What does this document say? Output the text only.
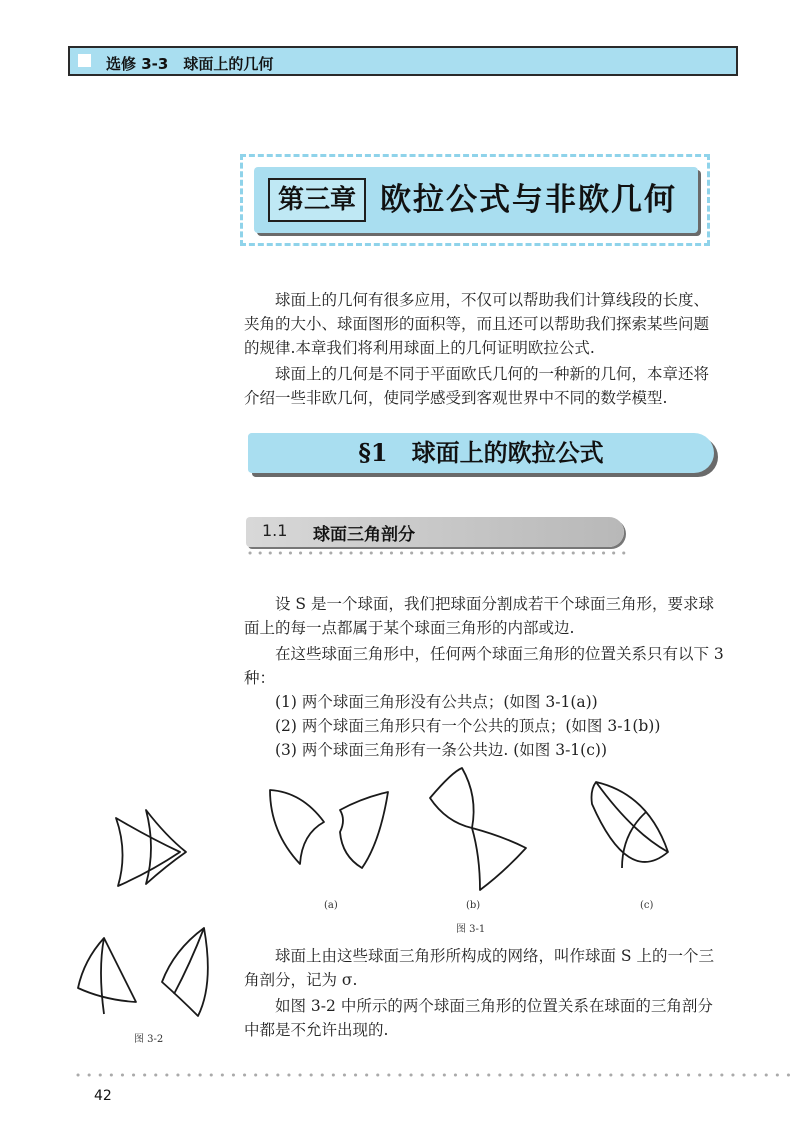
选修 3-3　球面上的几何
第三章 欧拉公式与非欧几何

球面上的几何有很多应用，不仅可以帮助我们计算线段的长度、夹角的大小、球面图形的面积等，而且还可以帮助我们探索某些问题的规律.本章我们将利用球面上的几何证明欧拉公式.

球面上的几何是不同于平面欧氏几何的一种新的几何，本章还将介绍一些非欧几何，使同学感受到客观世界中不同的数学模型.

§1　球面上的欧拉公式
1.1 球面三角剖分

设 S 是一个球面，我们把球面分割成若干个球面三角形，要求球面上的每一点都属于某个球面三角形的内部或边.

在这些球面三角形中，任何两个球面三角形的位置关系只有以下 3 种：

(1) 两个球面三角形没有公共点；(如图 3-1(a))

(2) 两个球面三角形只有一个公共的顶点；(如图 3-1(b))

(3) 两个球面三角形有一条公共边. (如图 3-1(c))

(a)	(b)
图 3-1
(c)
图 3-2

球面上由这些球面三角形所构成的网络，叫作球面 S 上的一个三角剖分，记为 σ.

如图 3-2 中所示的两个球面三角形的位置关系在球面的三角剖分中都是不允许出现的.

42
